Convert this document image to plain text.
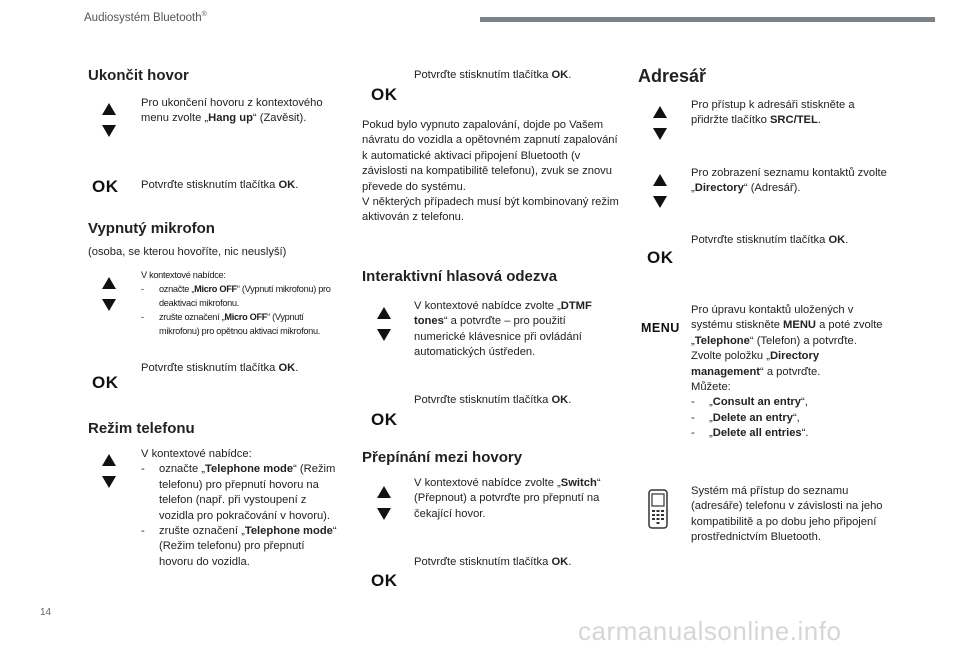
Audiosystém Bluetooth®
Ukončit hovor
Pro ukončení hovoru z kontextového menu zvolte „Hang up“ (Zavěsit).
OK Potvrďte stisknutím tlačítka OK.
Vypnutý mikrofon
(osoba, se kterou hovoříte, nic neuslyší)
V kontextové nabídce:
-	označte „Micro OFF“ (Vypnutí mikrofonu) pro deaktivaci mikrofonu.
-	zrušte označení „Micro OFF“ (Vypnutí mikrofonu) pro opětnou aktivaci mikrofonu.
OK
Potvrďte stisknutím tlačítka OK.
Režim telefonu
V kontextové nabídce:
-	označte „Telephone mode“ (Režim telefonu) pro přepnutí hovoru na telefon (např. při vystoupení z vozidla pro pokračování v hovoru).
-	zrušte označení „Telephone mode“ (Režim telefonu) pro přepnutí hovoru do vozidla.
OK
Potvrďte stisknutím tlačítka OK.
Pokud bylo vypnuto zapalování, dojde po Vašem návratu do vozidla a opětovném zapnutí zapalování k automatické aktivaci připojení Bluetooth (v závislosti na kompatibilitě telefonu), zvuk se znovu převede do systému.
V některých případech musí být kombinovaný režim aktivován z telefonu.
Interaktivní hlasová odezva
V kontextové nabídce zvolte „DTMF tones“ a potvrďte – pro použití numerické klávesnice při ovládání automatických ústředen.
OK
Potvrďte stisknutím tlačítka OK.
Přepínání mezi hovory
V kontextové nabídce zvolte „Switch“ (Přepnout) a potvrďte pro přepnutí na čekající hovor.
OK
Potvrďte stisknutím tlačítka OK.
Adresář
Pro přístup k adresáři stiskněte a přidržte tlačítko SRC/TEL.
Pro zobrazení seznamu kontaktů zvolte „Directory“ (Adresář).
OK
Potvrďte stisknutím tlačítka OK.
MENU
Pro úpravu kontaktů uložených v systému stiskněte MENU a poté zvolte „Telephone“ (Telefon) a potvrďte.
Zvolte položku „Directory management“ a potvrďte.
Můžete:
-	„Consult an entry“,
-	„Delete an entry“,
-	„Delete all entries“.
Systém má přístup do seznamu (adresáře) telefonu v závislosti na jeho kompatibilitě a po dobu jeho připojení prostřednictvím Bluetooth.
14
carmanualsonline.info
